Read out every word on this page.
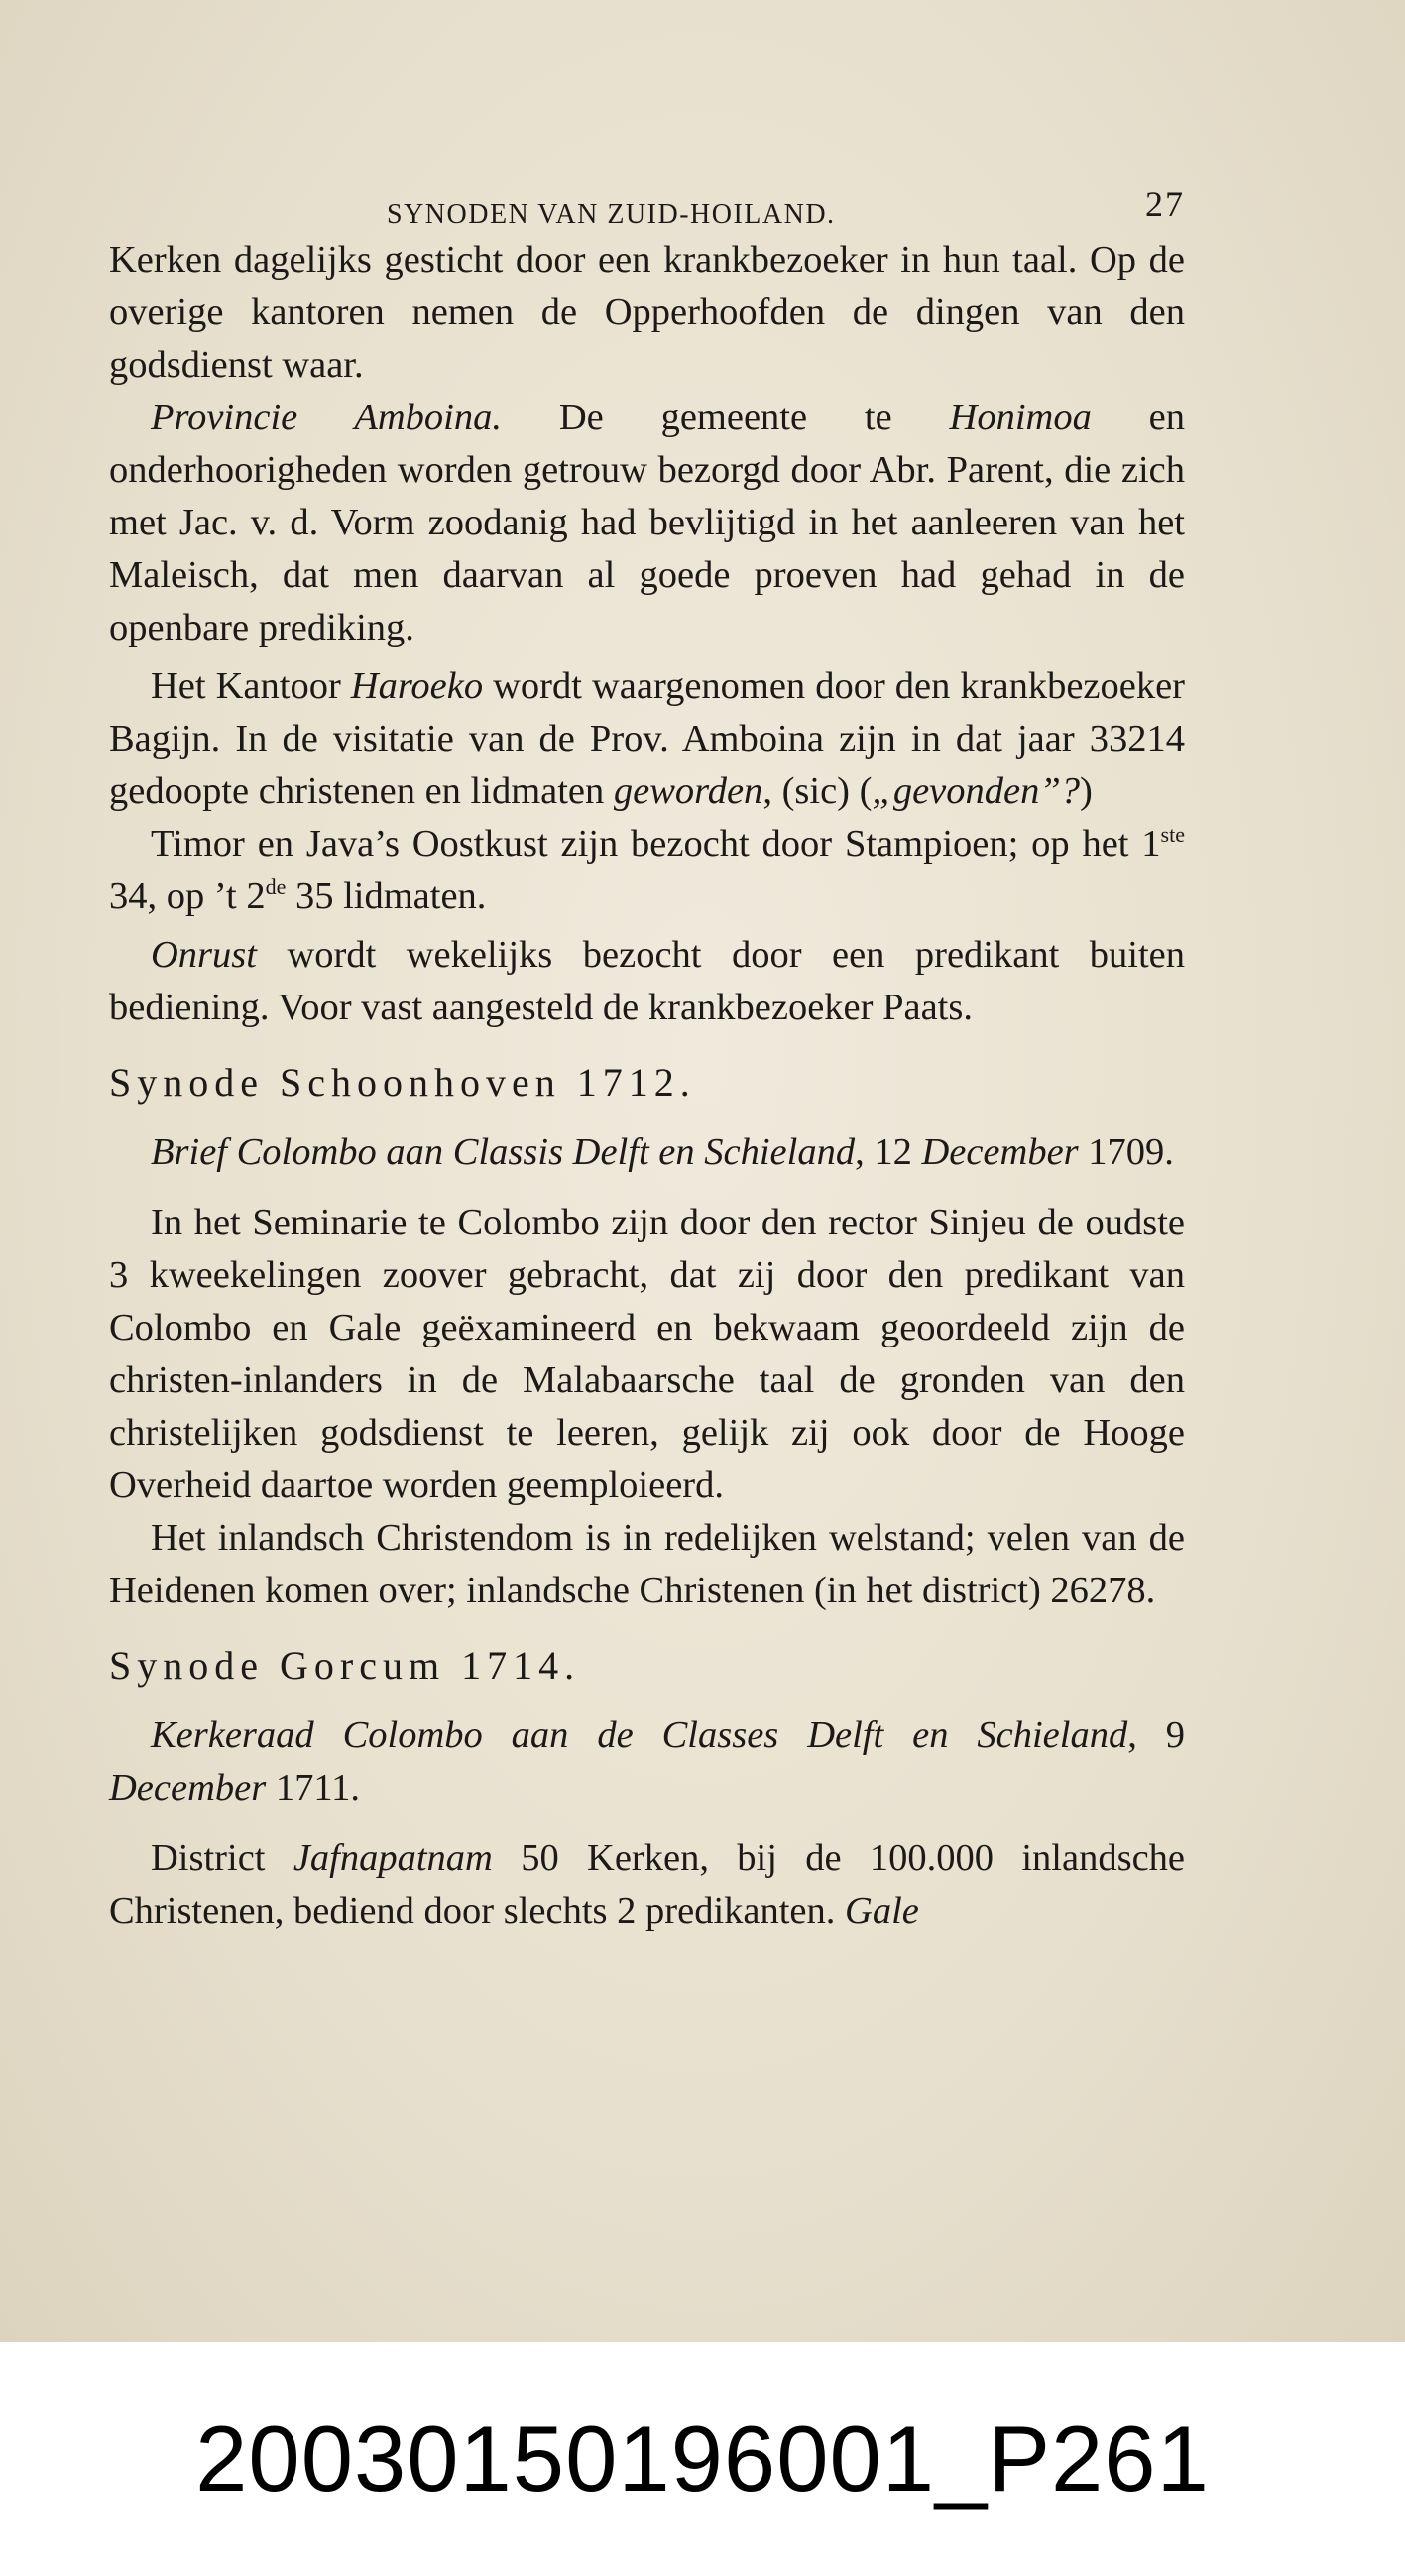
SYNODEN VAN ZUID-HOILAND.	27

Kerken dagelijks gesticht door een krankbezoeker in hun taal. Op de overige kantoren nemen de Opperhoofden de dingen van den godsdienst waar.

Provincie Amboina. De gemeente te Honimoa en onderhoorigheden worden getrouw bezorgd door Abr. Parent, die zich met Jac. v. d. Vorm zoodanig had bevlijtigd in het aanleeren van het Maleisch, dat men daarvan al goede proeven had gehad in de openbare prediking.

Het Kantoor Haroeko wordt waargenomen door den krankbezoeker Bagijn. In de visitatie van de Prov. Amboina zijn in dat jaar 33214 gedoopte christenen en lidmaten geworden, (sic) („gevonden”?)

Timor en Java’s Oostkust zijn bezocht door Stampioen; op het 1ste 34, op ’t 2de 35 lidmaten.

Onrust wordt wekelijks bezocht door een predikant buiten bediening. Voor vast aangesteld de krankbezoeker Paats.

Synode Schoonhoven 1712.

Brief Colombo aan Classis Delft en Schieland, 12 December 1709.

In het Seminarie te Colombo zijn door den rector Sinjeu de oudste 3 kweekelingen zoover gebracht, dat zij door den predikant van Colombo en Gale geëxamineerd en bekwaam geoordeeld zijn de christen-inlanders in de Malabaarsche taal de gronden van den christelijken godsdienst te leeren, gelijk zij ook door de Hooge Overheid daartoe worden geemploieerd.

Het inlandsch Christendom is in redelijken welstand; velen van de Heidenen komen over; inlandsche Christenen (in het district) 26278.

Synode Gorcum 1714.

Kerkeraad Colombo aan de Classes Delft en Schieland, 9 December 1711.

District Jafnapatnam 50 Kerken, bij de 100.000 inlandsche Christenen, bediend door slechts 2 predikanten. Gale

20030150196001_P261
